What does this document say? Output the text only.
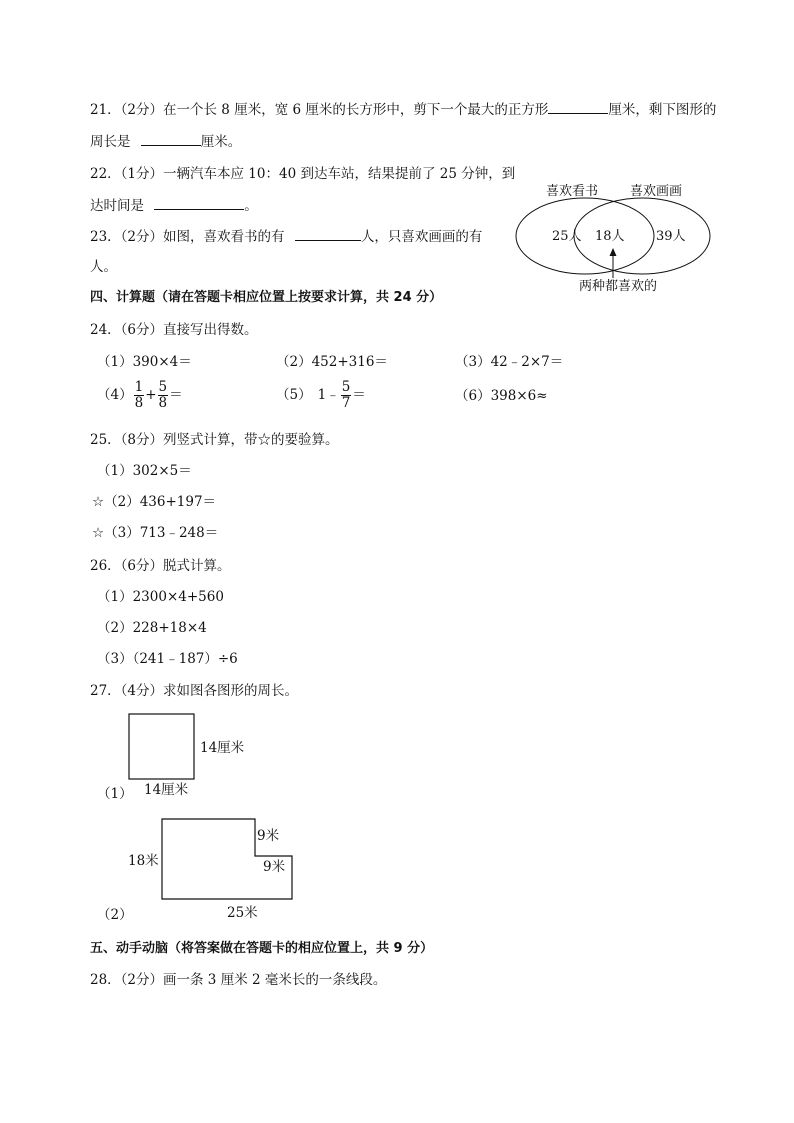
21．（2分）在一个长 8 厘米，宽 6 厘米的长方形中，剪下一个最大的正方形	厘米，剩下图形的
周长是	厘米。
22．（1分）一辆汽车本应 10：40 到达车站，结果提前了 25 分钟，到
达时间是	。
23．（2分）如图，喜欢看书的有	人，只喜欢画画的有
人。
喜欢看书 喜欢画画
25人 18人 39人
两种都喜欢的
四、计算题（请在答题卡相应位置上按要求计算，共 24 分）
24．（6分）直接写出得数。
（1）390×4＝	（2）452+316＝	（3）42﹣2×7＝
$(4) \frac{1}{8} + \frac{5}{8}$ ＝	（5） 1﹣ $\frac{5}{7}$ ＝	（6）398×6≈
25．（8分）列竖式计算，带☆的要验算。
（1）302×5＝
☆（2）436+197＝
☆（3）713﹣248＝
26．（6分）脱式计算。
（1）2300×4+560
（2）228+18×4
（3）（241﹣187）÷6
27．（4分）求如图各图形的周长。
14厘米
14厘米
（1）
18米
9米
9米
25米
（2）
五、动手动脑（将答案做在答题卡的相应位置上，共 9 分）
28．（2分）画一条 3 厘米 2 毫米长的一条线段。
